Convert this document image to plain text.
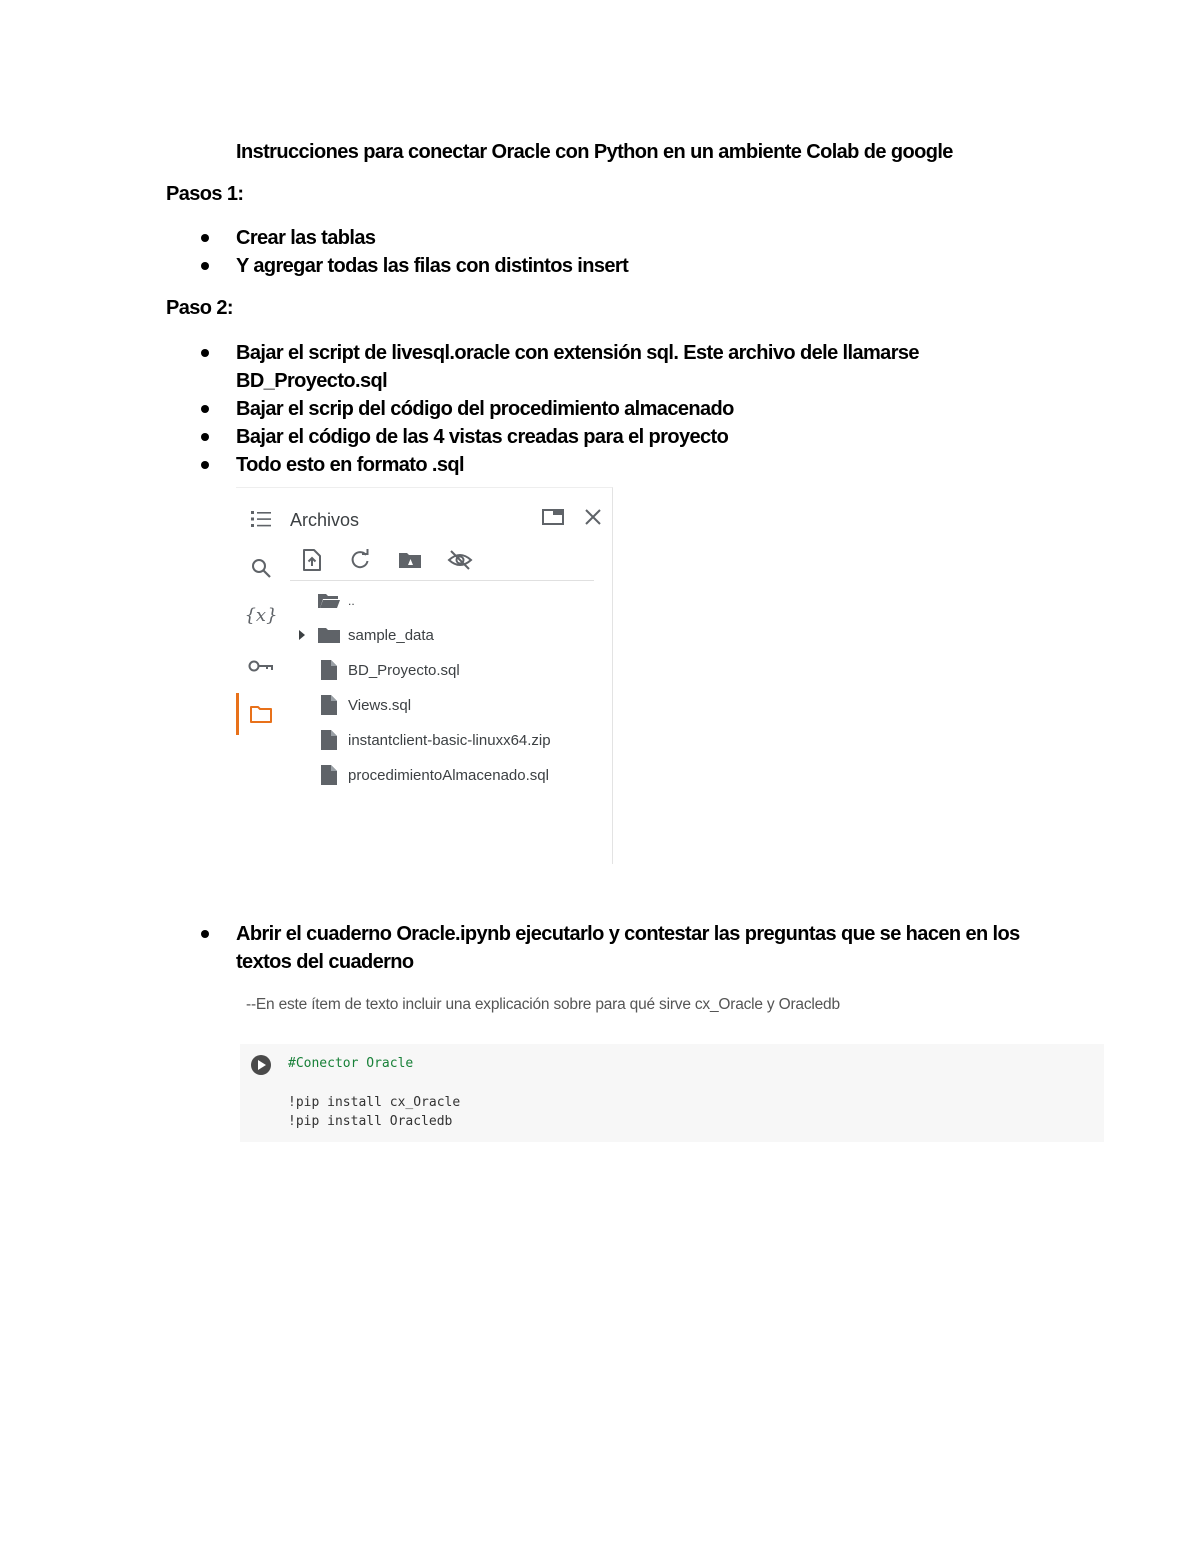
Instrucciones para conectar Oracle con Python en un ambiente Colab de google
Pasos 1:
Crear las tablas
Y agregar todas las filas con distintos insert
Paso 2:
Bajar el script de livesql.oracle con extensión sql. Este archivo dele llamarse BD_Proyecto.sql
Bajar el scrip del código del procedimiento almacenado
Bajar el código de las 4 vistas creadas para el proyecto
Todo esto en formato .sql
{x}
Archivos
..
sample_data
BD_Proyecto.sql
Views.sql
instantclient-basic-linuxx64.zip
procedimientoAlmacenado.sql
Abrir el cuaderno Oracle.ipynb ejecutarlo y contestar las preguntas que se hacen en los textos del cuaderno
--En este ítem de texto incluir una explicación sobre para qué sirve cx_Oracle y Oracledb
#Conector Oracle
!pip install cx_Oracle
!pip install Oracledb
